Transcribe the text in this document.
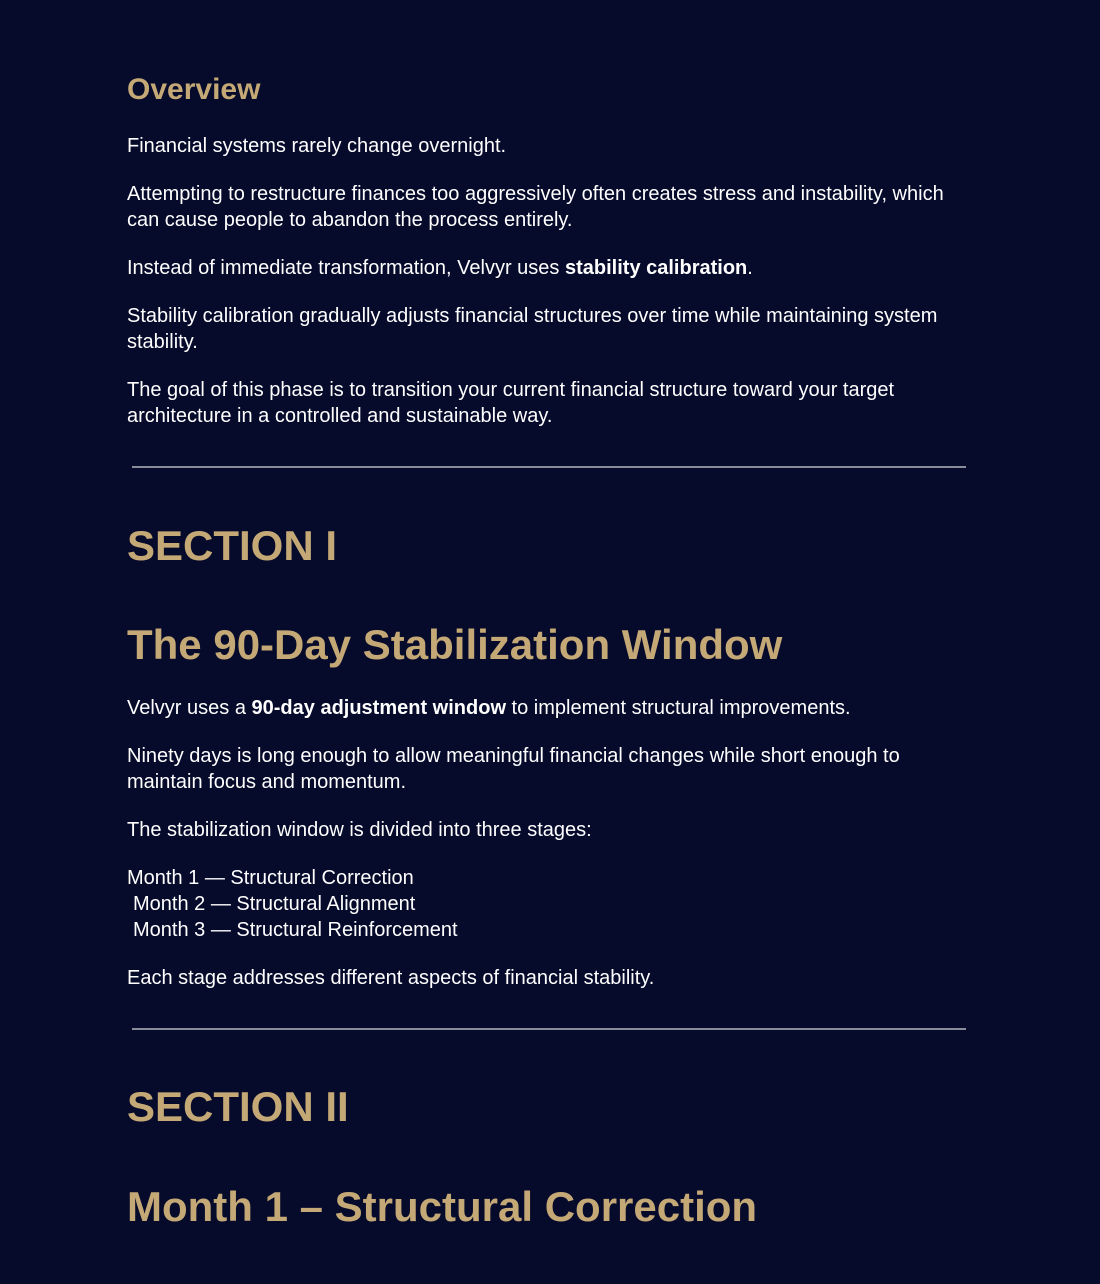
Overview

Financial systems rarely change overnight.

Attempting to restructure finances too aggressively often creates stress and instability, which can cause people to abandon the process entirely.

Instead of immediate transformation, Velvyr uses stability calibration.

Stability calibration gradually adjusts financial structures over time while maintaining system stability.

The goal of this phase is to transition your current financial structure toward your target architecture in a controlled and sustainable way.

SECTION I
The 90-Day Stabilization Window

Velvyr uses a 90-day adjustment window to implement structural improvements.

Ninety days is long enough to allow meaningful financial changes while short enough to maintain focus and momentum.

The stabilization window is divided into three stages:

Month 1 — Structural Correction
Month 2 — Structural Alignment
Month 3 — Structural Reinforcement

Each stage addresses different aspects of financial stability.

SECTION II
Month 1 – Structural Correction
